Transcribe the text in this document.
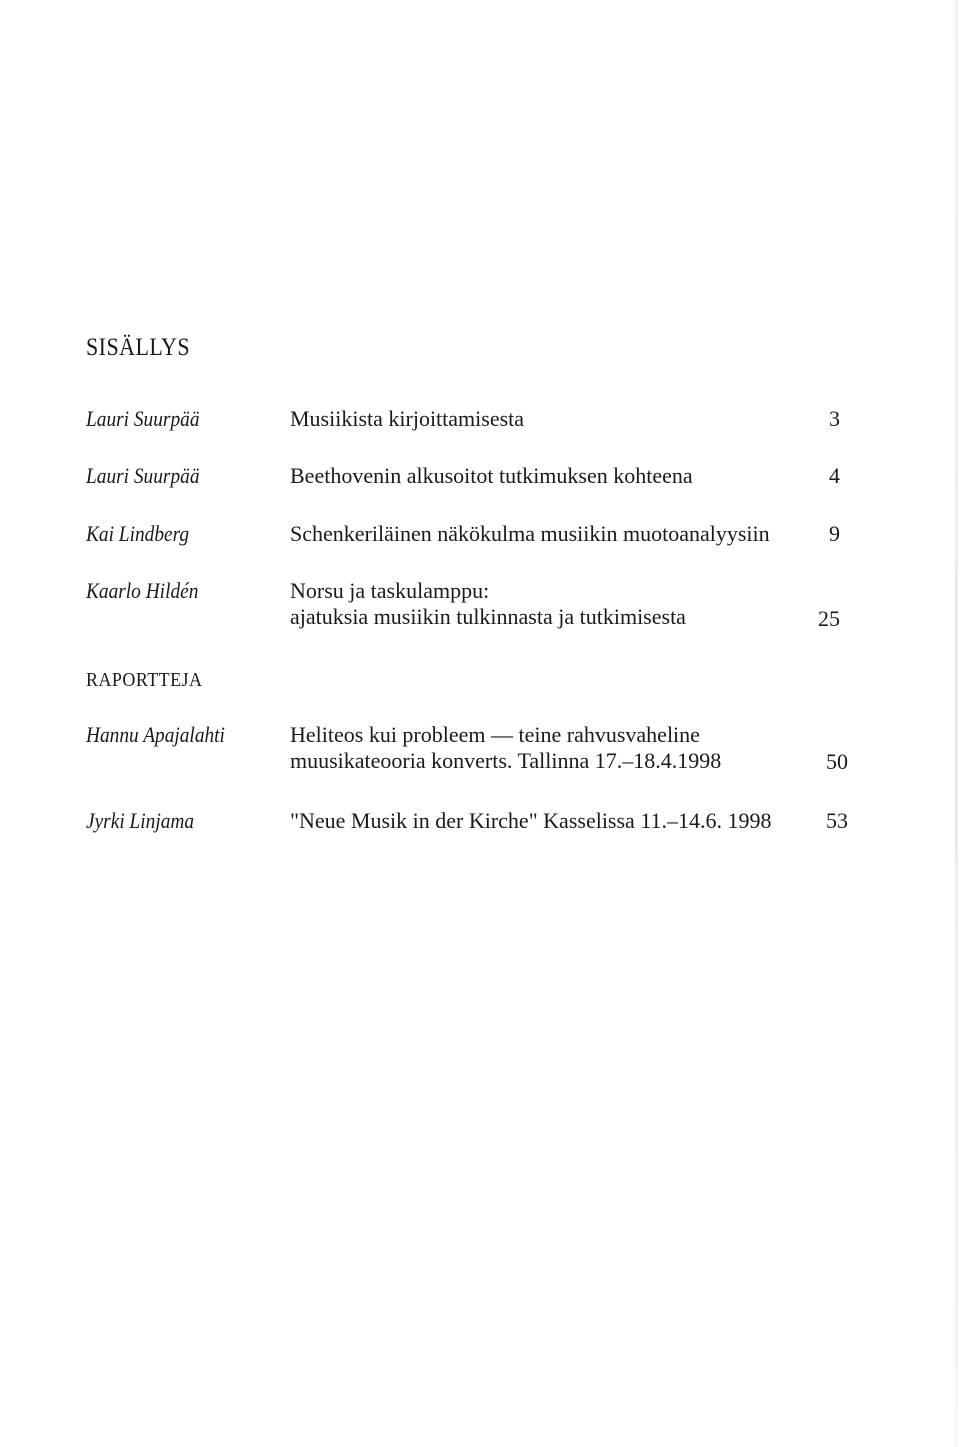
SISÄLLYS
Lauri Suurpää	Musiikista kirjoittamisesta	3
Lauri Suurpää	Beethovenin alkusoitot tutkimuksen kohteena	4
Kai Lindberg	Schenkeriläinen näkökulma musiikin muotoanalyysiin	9
Kaarlo Hildén	Norsu ja taskulamppu:
ajatuksia musiikin tulkinnasta ja tutkimisesta	25
RAPORTTEJA
Hannu Apajalahti	Heliteos kui probleem — teine rahvusvaheline
muusikateooria konverts. Tallinna 17.–18.4.1998	50
Jyrki Linjama	"Neue Musik in der Kirche" Kasselissa 11.–14.6. 1998	53
